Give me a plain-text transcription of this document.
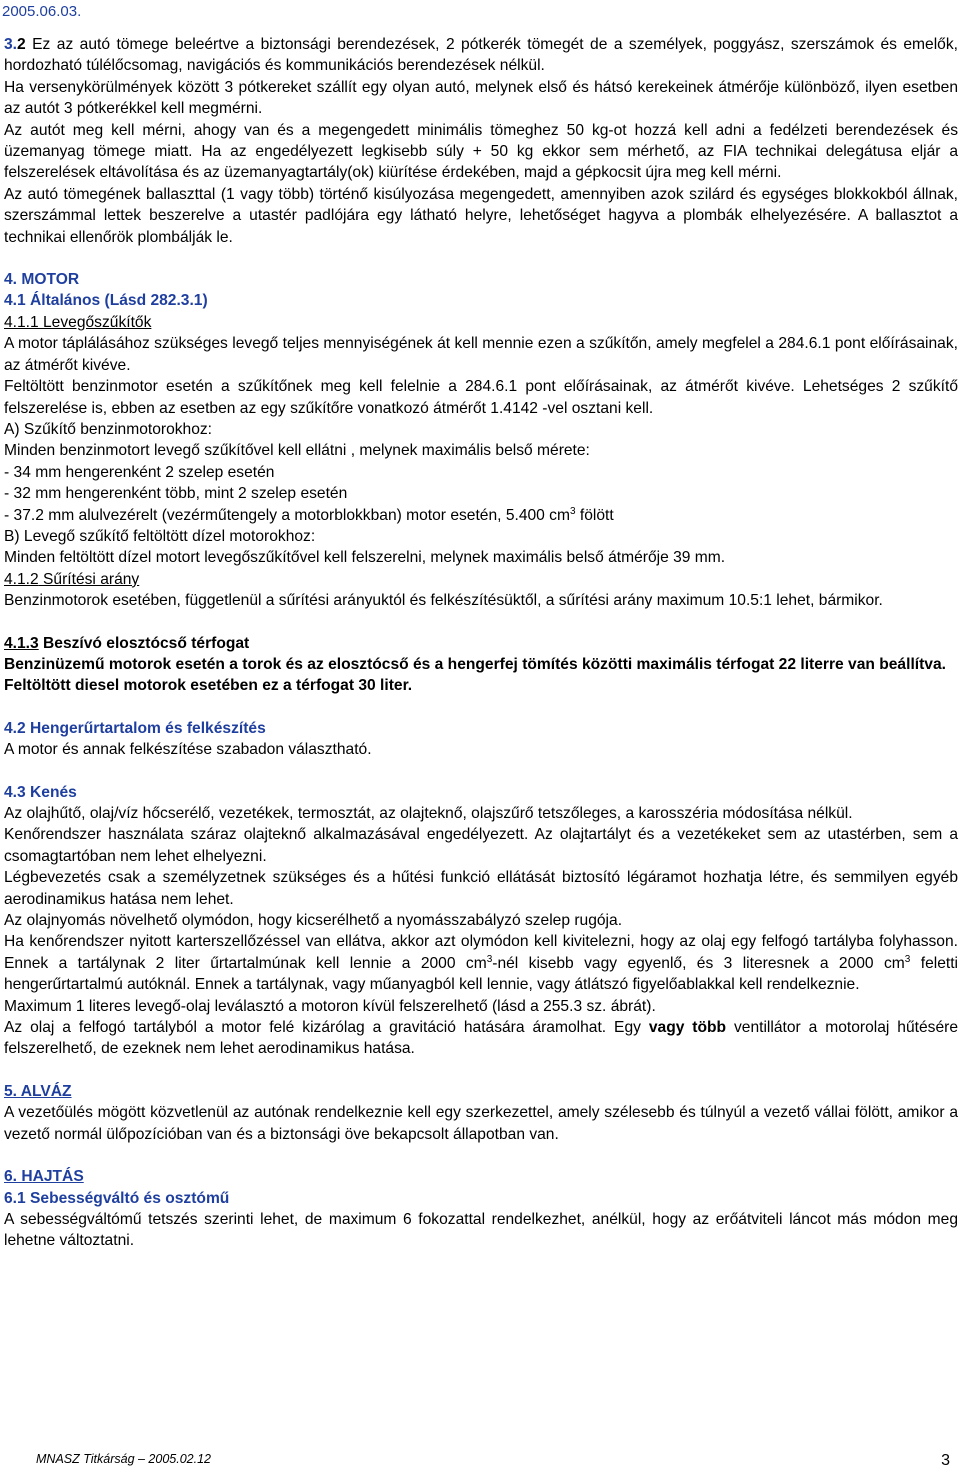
2005.06.03.

3.2 Ez az autó tömege beleértve a biztonsági berendezések, 2 pótkerék tömegét de a személyek, poggyász, szerszámok és emelők, hordozható túlélőcsomag, navigációs és kommunikációs berendezések nélkül.

Ha versenykörülmények között 3 pótkereket szállít egy olyan autó, melynek első és hátsó kerekeinek átmérője különböző, ilyen esetben az autót 3 pótkerékkel kell megmérni.

Az autót meg kell mérni, ahogy van és a megengedett minimális tömeghez 50 kg-ot hozzá kell adni a fedélzeti berendezések és üzemanyag tömege miatt. Ha az engedélyezett legkisebb súly + 50 kg ekkor sem mérhető, az FIA technikai delegátusa eljár a felszerelések eltávolítása és az üzemanyagtartály(ok) kiürítése érdekében, majd a gépkocsit újra meg kell mérni.

Az autó tömegének ballaszttal (1 vagy több) történő kisúlyozása megengedett, amennyiben azok szilárd és egységes blokkokból állnak, szerszámmal lettek beszerelve a utastér padlójára egy látható helyre, lehetőséget hagyva a plombák elhelyezésére. A ballasztot a technikai ellenőrök plombálják le.

4. MOTOR

4.1 Általános (Lásd 282.3.1)

4.1.1 Levegőszűkítők

A motor táplálásához szükséges levegő teljes mennyiségének át kell mennie ezen a szűkítőn, amely megfelel a 284.6.1 pont előírásainak, az átmérőt kivéve.

Feltöltött benzinmotor esetén a szűkítőnek meg kell felelnie a 284.6.1 pont előírásainak, az átmérőt kivéve. Lehetséges 2 szűkítő felszerelése is, ebben az esetben az egy szűkítőre vonatkozó átmérőt 1.4142 -vel osztani kell.

A) Szűkítő benzinmotorokhoz:

Minden benzinmotort levegő szűkítővel kell ellátni , melynek maximális belső mérete:

- 34 mm hengerenként 2 szelep esetén

- 32 mm hengerenként több, mint 2 szelep esetén

- 37.2 mm alulvezérelt (vezérműtengely a motorblokkban) motor esetén, 5.400 $cm^3$ fölött

B) Levegő szűkítő feltöltött dízel motorokhoz:

Minden feltöltött dízel motort levegőszűkítővel kell felszerelni, melynek maximális belső átmérője 39 mm.

4.1.2 Sűrítési arány

Benzinmotorok esetében, függetlenül a sűrítési arányuktól és felkészítésüktől, a sűrítési arány maximum 10.5:1 lehet, bármikor.

4.1.3 Beszívó elosztócső térfogat

Benzinüzemű motorok esetén a torok és az elosztócső és a hengerfej tömítés közötti maximális térfogat 22 literre van beállítva.

Feltöltött diesel motorok esetében ez a térfogat 30 liter.

4.2 Hengerűrtartalom és felkészítés

A motor és annak felkészítése szabadon választható.

4.3 Kenés

Az olajhűtő, olaj/víz hőcserélő, vezetékek, termosztát, az olajteknő, olajszűrő tetszőleges, a karosszéria módosítása nélkül.

Kenőrendszer használata száraz olajteknő alkalmazásával engedélyezett. Az olajtartályt és a vezetékeket sem az utastérben, sem a csomagtartóban nem lehet elhelyezni.

Légbevezetés csak a személyzetnek szükséges és a hűtési funkció ellátását biztosító légáramot hozhatja létre, és semmilyen egyéb aerodinamikus hatása nem lehet.

Az olajnyomás növelhető olymódon, hogy kicserélhető a nyomásszabályzó szelep rugója.

Ha kenőrendszer nyitott karterszellőzéssel van ellátva, akkor azt olymódon kell kivitelezni, hogy az olaj egy felfogó tartályba folyhasson. Ennek a tartálynak 2 liter űrtartalmúnak kell lennie a 2000 $cm^3$-nél kisebb vagy egyenlő, és 3 literesnek a 2000 $cm^3$ feletti hengerűrtartalmú autóknál. Ennek a tartálynak, vagy műanyagból kell lennie, vagy átlátszó figyelőablakkal kell rendelkeznie.

Maximum 1 literes levegő-olaj leválasztó a motoron kívül felszerelhető (lásd a 255.3 sz. ábrát).

Az olaj a felfogó tartályból a motor felé kizárólag a gravitáció hatására áramolhat. Egy vagy több ventillátor a motorolaj hűtésére felszerelhető, de ezeknek nem lehet aerodinamikus hatása.

5. ALVÁZ

A vezetőülés mögött közvetlenül az autónak rendelkeznie kell egy szerkezettel, amely szélesebb és túlnyúl a vezető vállai fölött, amikor a vezető normál ülőpozícióban van és a biztonsági öve bekapcsolt állapotban van.

6. HAJTÁS

6.1 Sebességváltó és osztómű

A sebességváltómű tetszés szerinti lehet, de maximum 6 fokozattal rendelkezhet, anélkül, hogy az erőátviteli láncot más módon meg lehetne változtatni.

MNASZ Titkárság – 2005.02.12	3
